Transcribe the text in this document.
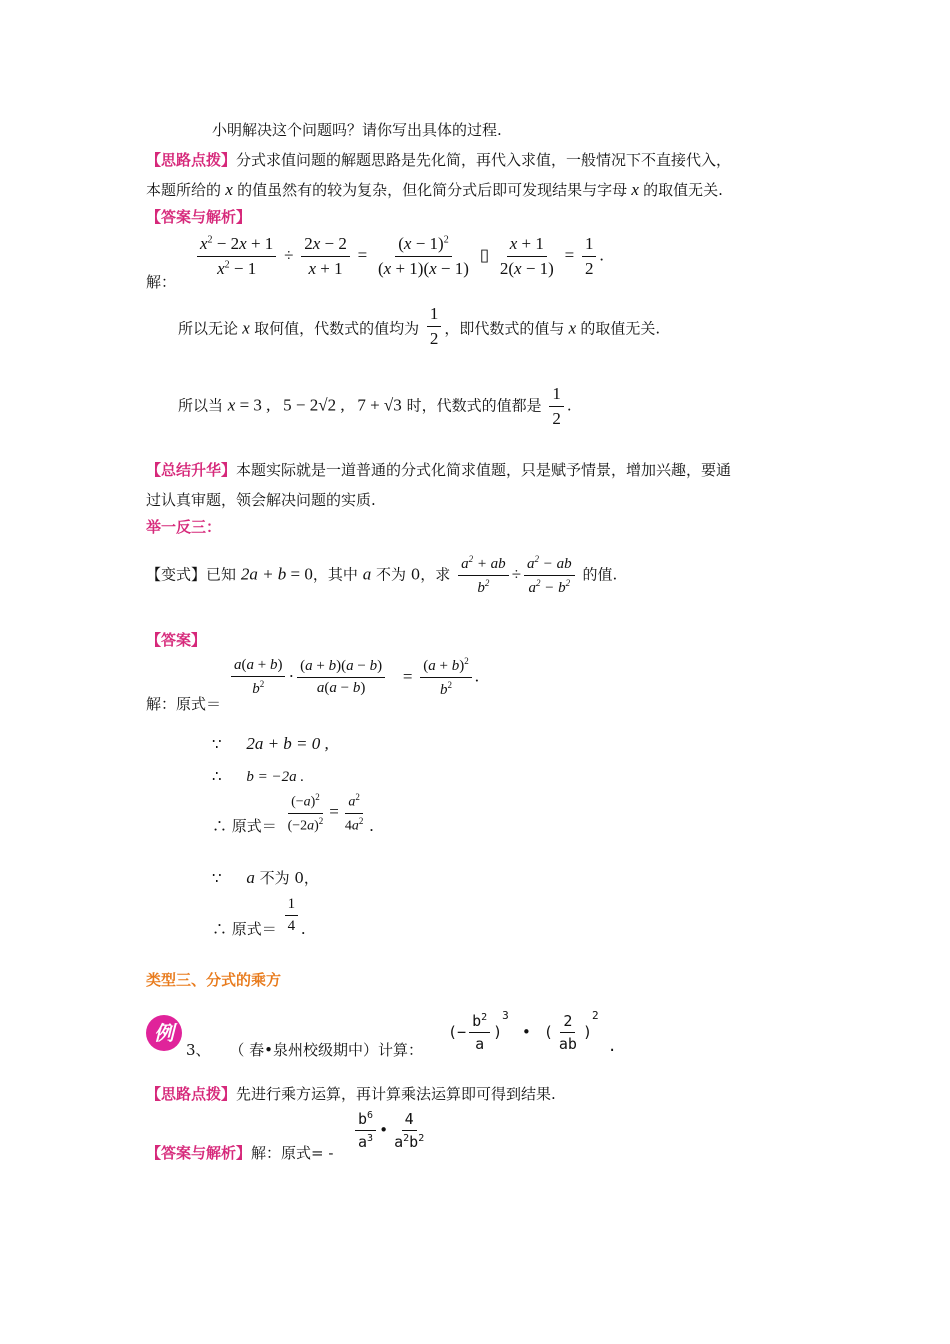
小明解决这个问题吗？请你写出具体的过程.
【思路点拨】分式求值问题的解题思路是先化简，再代入求值，一般情况下不直接代入，
本题所给的 x 的值虽然有的较为复杂，但化简分式后即可发现结果与字母 x 的取值无关.
【答案与解析】
解：
$\frac{x^2 - 2x + 1}{x^2 - 1} \div \frac{2x - 2}{x + 1} = \frac{(x - 1)^2}{(x + 1)(x - 1)}$ ▯ $\frac{x + 1}{2(x - 1)} = \frac{1}{2}$ .
所以无论 x 取何值，代数式的值均为 $\frac{1}{2}$ ，即代数式的值与 x 的取值无关.
所以当 x = 3 ,   5 − 2√2 ,   7 + √3 时，代数式的值都是 $\frac{1}{2}$ .
【总结升华】本题实际就是一道普通的分式化简求值题，只是赋予情景，增加兴趣，要通
过认真审题，领会解决问题的实质.
举一反三：
【变式】已知 2a + b = 0，其中 a 不为 0，求 $\frac{a^2 + ab}{b^2} \div \frac{a^2 - ab}{a^2 - b^2}$ 的值.
【答案】
解：原式＝
$\frac{a(a + b)}{b^2} \cdot \frac{(a + b)(a - b)}{a(a - b)} = \frac{(a + b)^2}{b^2}$ .
∵ 2a + b = 0 ,
∴ b = −2a .
∴ 原式＝ $\frac{(-a)^2}{(-2a)^2} = \frac{a^2}{4a^2}$ .
∵ a 不为 0，
∴ 原式＝ $\frac{1}{4}$ .
类型三、分式的乘方
例
3、 （ 春•泉州校级期中）计算：
(− $\frac{b^2}{a} )^3$ • ( $\frac{2}{ab} )^2$ .
【思路点拨】先进行乘方运算，再计算乘法运算即可得到结果.
【答案与解析】解：原式= -
$\frac{b^6}{a^3}$ • $\frac{4}{a^2b^2}$
